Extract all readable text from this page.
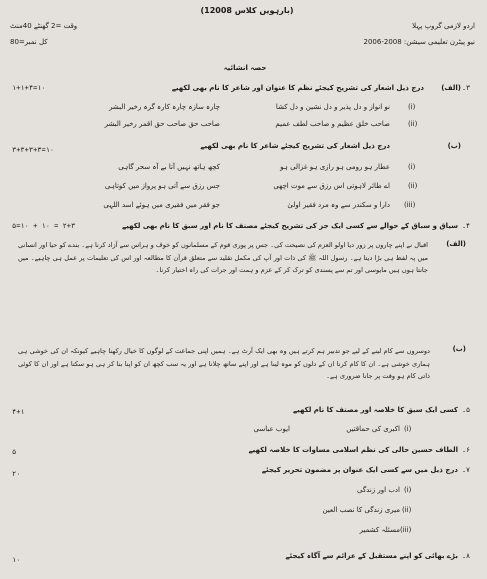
(بارہویں کلاس 12008)
اردو لازمی گروپ پہلا
نیو پیٹرن تعلیمی سیشن: 2008-2006
وقت =2 گھنٹے 40منٹ
کل نمبر=80
حصہ انشائیہ
۳۔
(الف)
درج ذیل اشعار کی تشریح کیجئے نظم کا عنوان اور شاعر کا نام بھی لکھیے
۱+۱+۴=۱۰
(i)
نو انواز و دل پذیر و دل نشین و دل کشا
چارہ سازہ چارہ کارہ گرہ رخیر البشر
(ii)
صاحب خلق عظیم و صاحب لطف عمیم
صاحب حق صاحب حق اقمر رخیر البشر
(ب)
درج ذیل اشعار کی تشریح کیجئے شاعر کا نام بھی لکھیے
۳+۳+۳+۳=۱۰
(i)
عطار ہو رومی ہو رازی ہو غزالی ہو
کچھ ہاتھ نہیں آتا بے آہ سحر گاہی
(ii)
اے طائر لاہوتی اس رزق سے موت اچھی
جس رزق سے آتی ہو پرواز میں کوتاہی
(iii)
دارا و سکندر سے وہ مرد فقیر اولیٰ
جو فقر میں فقیری میں ہوئے اسد اللہی
۴۔
سیاق و سباق کے حوالے سے کسی ایک جز کی تشریح کیجئے مصنف کا نام اور سبق کا نام بھی لکھیے
۵=۱۰ + ۱۰ = ۲+۳
(الف)
اقبال نے اپنے چاروں پر زور دیا اولو العزم کی نصیحت کی۔ جس پر پوری قوم کے مسلمانوں کو خوف و ہراس سے آزاد کرنا ہے۔ بندے کو حیا اور انسانی میں پہ لفظ ہی بڑا دیتا ہے۔ رسول اللہ ﷺ کی ذات اور آپ کی مکمل تقلید سے متعلق قرآن کا مطالعہ اور اس کی تعلیمات پر عمل ہی چاہیے۔ میں جانتا ہوں ہیں مایوسی اور تم سے پسندی کو ترک کر کے عزم و ہمت اور جرات کی راہ اختیار کرنا۔
(ب)
دوسروں سے کام لینے کے لیے جو تدبیر ہم کرتے ہیں وہ بھی ایک آرٹ ہے۔ ہمیں اپنی جماعت کے لوگوں کا خیال رکھنا چاہیے کیونکہ ان کی خوشی ہی ہماری خوشی ہے۔ ان کا کام کرنا ان کے دلوں کو موہ لینا ہے اور اپنے ساتھ چلانا ہے اور یہ سب کچھ ان کو اپنا بنا کر ہی ہو سکتا ہے اور ان کا کوئی ذاتی کام ہو وقت پر جانا ضروری ہے۔
۵۔
کسی ایک سبق کا خلاصہ اور مصنف کا نام لکھیے
۴+۱
(i)
اکبری کی حماقتیں
ایوب عباسی
۶۔
الطاف حسین حالی کی نظم اسلامی مساوات کا خلاصہ لکھیے
۵
۷۔
درج ذیل میں سے کسی ایک عنوان پر مضمون تحریر کیجئے
۲۰
(i)
ادب اور زندگی
(ii)
میری زندگی کا نصب العین
(iii)
مسئلہ کشمیر
۸۔
بڑے بھائی کو اپنے مستقبل کے عزائم سے آگاہ کیجئے
۱۰
